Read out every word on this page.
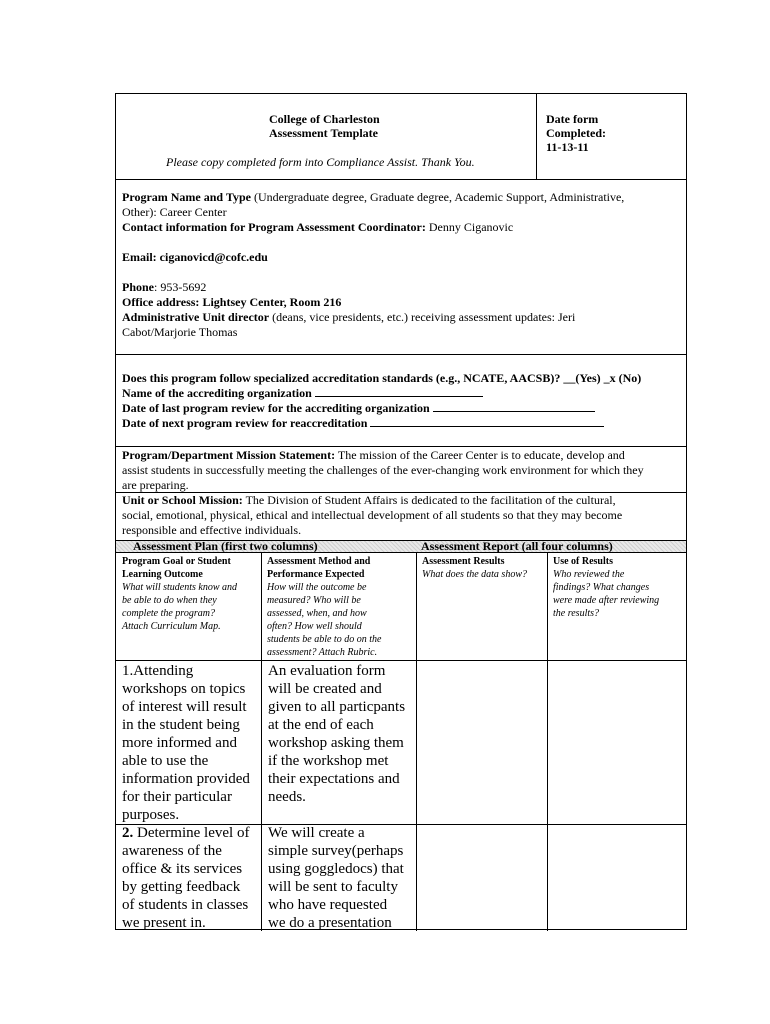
College of Charleston
Assessment Template
Please copy completed form into Compliance Assist. Thank You.
Date form
Completed:
11-13-11
Program Name and Type (Undergraduate degree, Graduate degree, Academic Support, Administrative,
Other): Career Center
Contact information for Program Assessment Coordinator: Denny Ciganovic
Email: ciganovicd@cofc.edu
Phone: 953-5692
Office address: Lightsey Center, Room 216
Administrative Unit director (deans, vice presidents, etc.) receiving assessment updates: Jeri
Cabot/Marjorie Thomas
Does this program follow specialized accreditation standards (e.g., NCATE, AACSB)? __(Yes) _x (No)
Name of the accrediting organization
Date of last program review for the accrediting organization
Date of next program review for reaccreditation
Program/Department Mission Statement: The mission of the Career Center is to educate, develop and
assist students in successfully meeting the challenges of the ever-changing work environment for which they
are preparing.
Unit or School Mission: The Division of Student Affairs is dedicated to the facilitation of the cultural,
social, emotional, physical, ethical and intellectual development of all students so that they may become
responsible and effective individuals.
Assessment Plan (first two columns)	Assessment Report (all four columns)
Program Goal or Student
Learning Outcome
What will students know and
be able to do when they
complete the program?
Attach Curriculum Map.
Assessment Method and
Performance Expected
How will the outcome be
measured? Who will be
assessed, when, and how
often? How well should
students be able to do on the
assessment? Attach Rubric.
Assessment Results
What does the data show?
Use of Results
Who reviewed the
findings? What changes
were made after reviewing
the results?
1.Attending
workshops on topics
of interest will result
in the student being
more informed and
able to use the
information provided
for their particular
purposes.
An evaluation form
will be created and
given to all particpants
at the end of each
workshop asking them
if the workshop met
their expectations and
needs.
2. Determine level of
awareness of the
office & its services
by getting feedback
of students in classes
we present in.
We will create a
simple survey(perhaps
using goggledocs) that
will be sent to faculty
who have requested
we do a presentation
